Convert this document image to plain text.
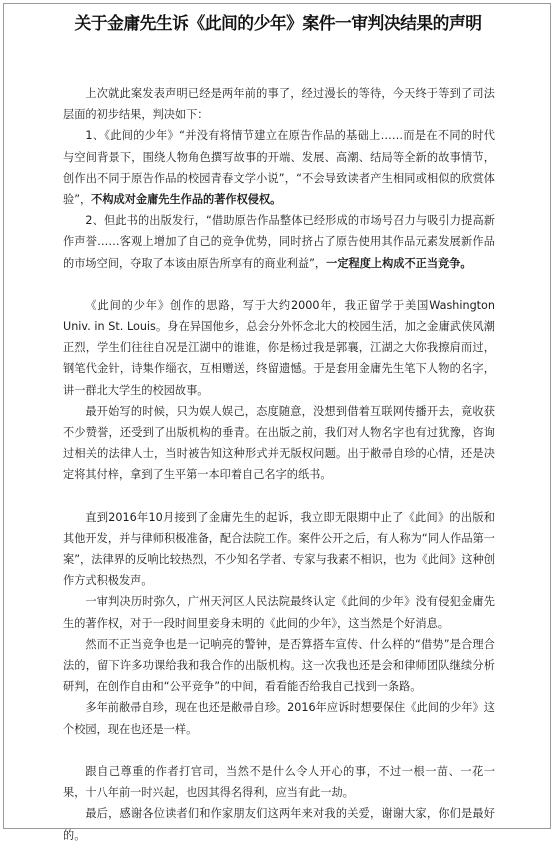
关于金庸先生诉《此间的少年》案件一审判决结果的声明

上次就此案发表声明已经是两年前的事了，经过漫长的等待，今天终于等到了司法层面的初步结果，判决如下：

1、《此间的少年》“并没有将情节建立在原告作品的基础上……而是在不同的时代与空间背景下，围绕人物角色撰写故事的开端、发展、高潮、结局等全新的故事情节，创作出不同于原告作品的校园青春文学小说”，“不会导致读者产生相同或相似的欣赏体验”，不构成对金庸先生作品的著作权侵权。

2、但此书的出版发行，“借助原告作品整体已经形成的市场号召力与吸引力提高新作声誉……客观上增加了自己的竞争优势，同时挤占了原告使用其作品元素发展新作品的市场空间，夺取了本该由原告所享有的商业利益”，一定程度上构成不正当竞争。

《此间的少年》创作的思路，写于大约2000年，我正留学于美国Washington Univ. in St. Louis。身在异国他乡，总会分外怀念北大的校园生活，加之金庸武侠风潮正烈，学生们往往自况是江湖中的谁谁，你是杨过我是郭襄，江湖之大你我擦肩而过，钢笔代金针，诗集作缁衣，互相赠送，终留遗憾。于是套用金庸先生笔下人物的名字，讲一群北大学生的校园故事。

最开始写的时候，只为娱人娱己，态度随意，没想到借着互联网传播开去，竟收获不少赞誉，还受到了出版机构的垂青。在出版之前，我们对人物名字也有过犹豫，咨询过相关的法律人士，当时被告知这种形式并无版权问题。出于敝帚自珍的心情，还是决定将其付梓，拿到了生平第一本印着自己名字的纸书。

直到2016年10月接到了金庸先生的起诉，我立即无限期中止了《此间》的出版和其他开发，并与律师积极准备，配合法院工作。案件公开之后，有人称为“同人作品第一案”，法律界的反响比较热烈，不少知名学者、专家与我素不相识，也为《此间》这种创作方式积极发声。

一审判决历时弥久，广州天河区人民法院最终认定《此间的少年》没有侵犯金庸先生的著作权，对于一段时间里妾身未明的《此间的少年》，这当然是个好消息。

然而不正当竞争也是一记响亮的警钟，是否算搭车宣传、什么样的“借势”是合理合法的，留下许多功课给我和我合作的出版机构。这一次我也还是会和律师团队继续分析研判，在创作自由和“公平竞争”的中间，看看能否给我自己找到一条路。

多年前敝帚自珍，现在也还是敝帚自珍。2016年应诉时想要保住《此间的少年》这个校园，现在也还是一样。

跟自己尊重的作者打官司，当然不是什么令人开心的事，不过一根一苗、一花一果，十八年前一时兴起，也因其得名得利，应当有此一劫。

最后，感谢各位读者们和作家朋友们这两年来对我的关爱，谢谢大家，你们是最好的。
